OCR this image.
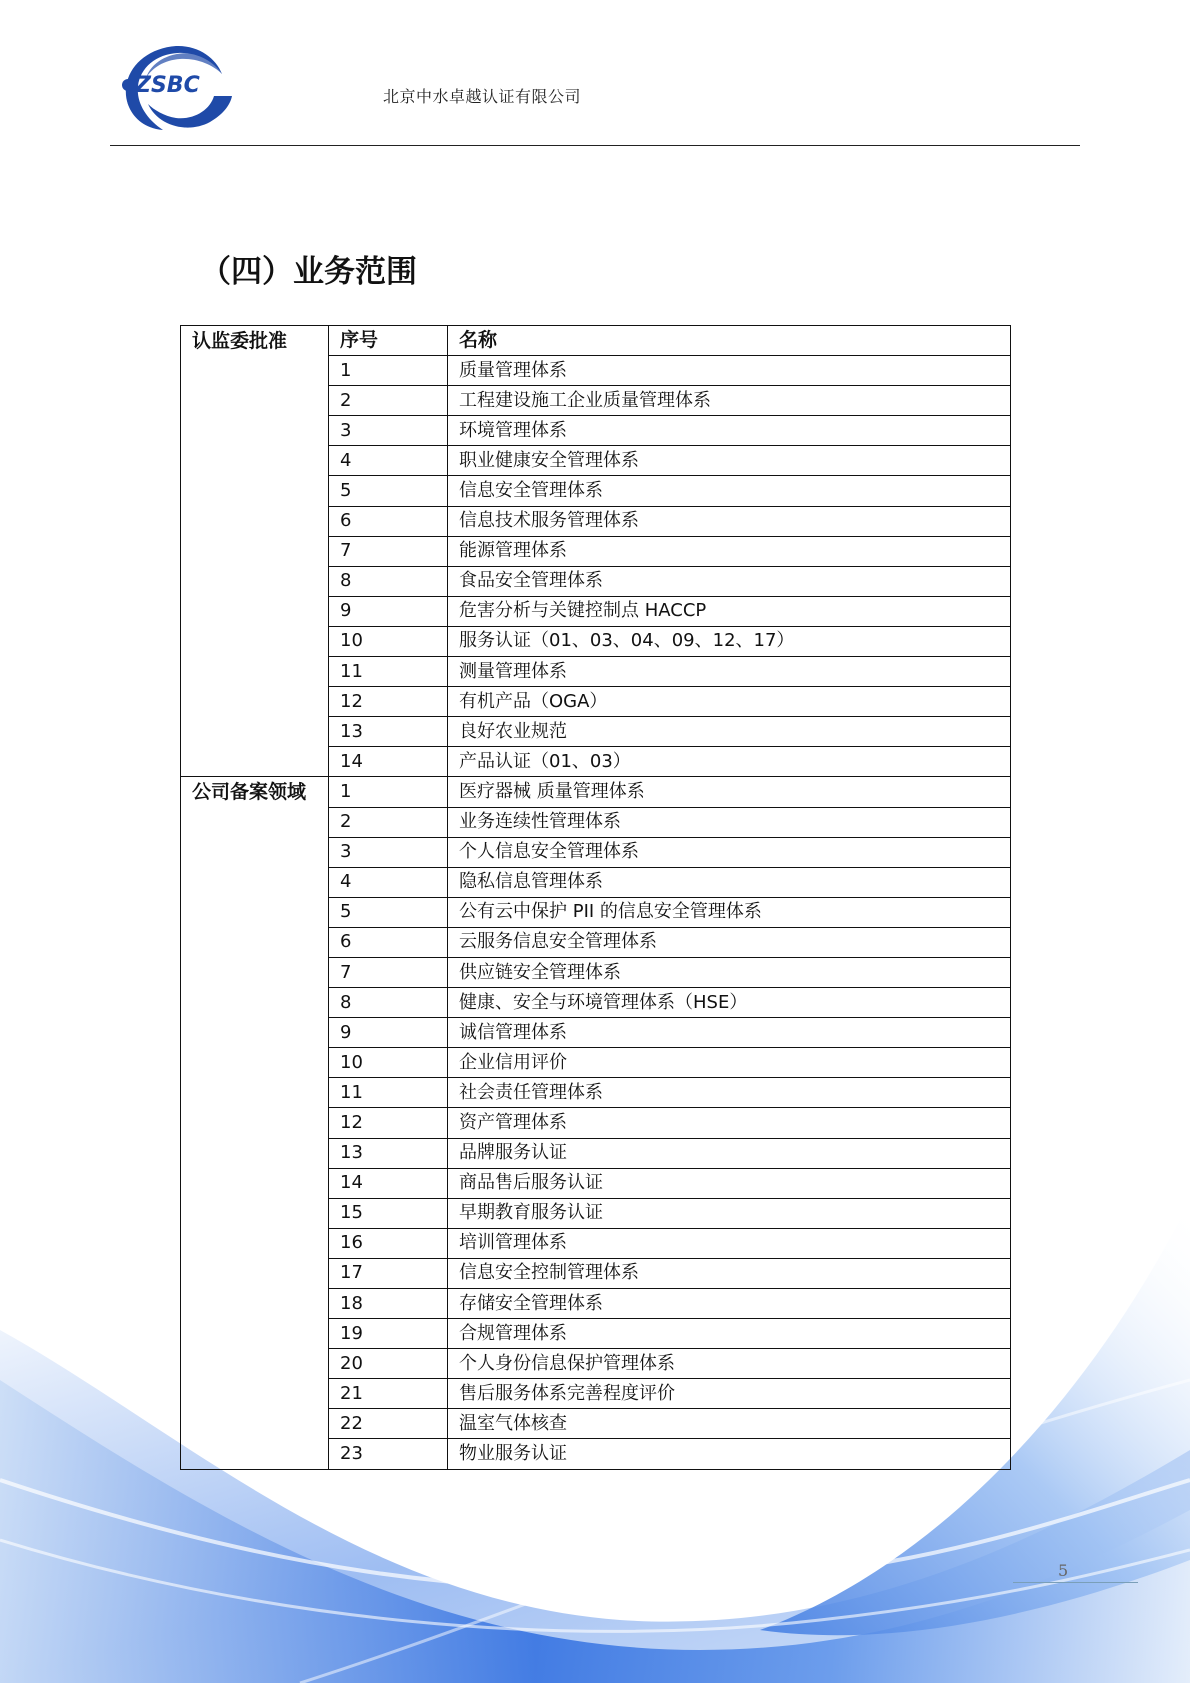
ZSBC	北京中水卓越认证有限公司
（四）业务范围
认监委批准	序号	名称
	1	质量管理体系
	2	工程建设施工企业质量管理体系
	3	环境管理体系
	4	职业健康安全管理体系
	5	信息安全管理体系
	6	信息技术服务管理体系
	7	能源管理体系
	8	食品安全管理体系
	9	危害分析与关键控制点 HACCP
	10	服务认证（01、03、04、09、12、17）
	11	测量管理体系
	12	有机产品（OGA）
	13	良好农业规范
	14	产品认证（01、03）
公司备案领域	1	医疗器械 质量管理体系
	2	业务连续性管理体系
	3	个人信息安全管理体系
	4	隐私信息管理体系
	5	公有云中保护 PII 的信息安全管理体系
	6	云服务信息安全管理体系
	7	供应链安全管理体系
	8	健康、安全与环境管理体系（HSE）
	9	诚信管理体系
	10	企业信用评价
	11	社会责任管理体系
	12	资产管理体系
	13	品牌服务认证
	14	商品售后服务认证
	15	早期教育服务认证
	16	培训管理体系
	17	信息安全控制管理体系
	18	存储安全管理体系
	19	合规管理体系
	20	个人身份信息保护管理体系
	21	售后服务体系完善程度评价
	22	温室气体核查
	23	物业服务认证
5
